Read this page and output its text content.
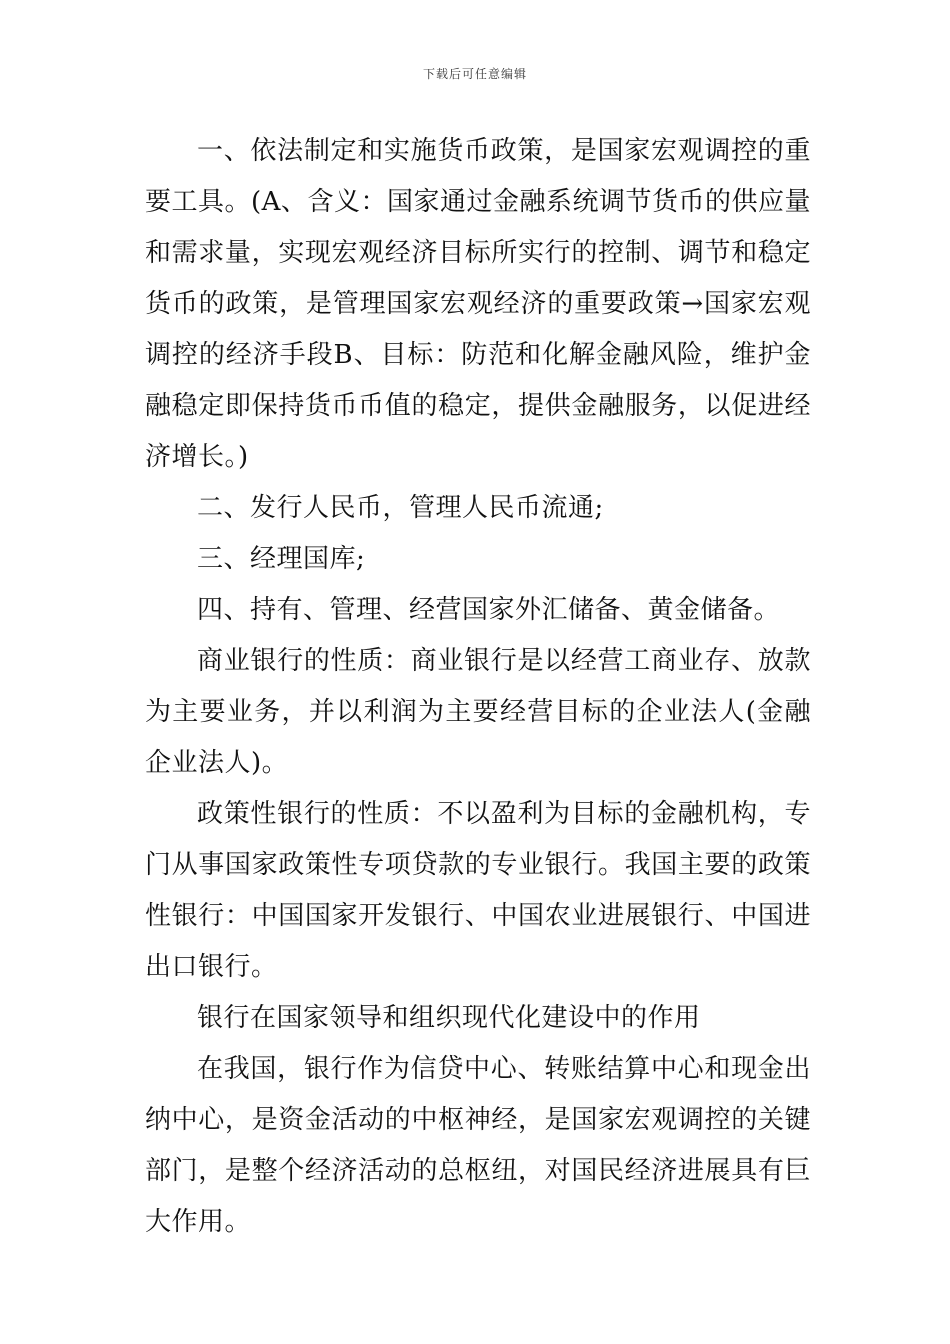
下载后可任意编辑

一、依法制定和实施货币政策，是国家宏观调控的重要工具。(A、含义：国家通过金融系统调节货币的供应量和需求量，实现宏观经济目标所实行的控制、调节和稳定货币的政策，是管理国家宏观经济的重要政策→国家宏观调控的经济手段B、目标：防范和化解金融风险，维护金融稳定即保持货币币值的稳定，提供金融服务，以促进经济增长。)

二、发行人民币，管理人民币流通;

三、经理国库;

四、持有、管理、经营国家外汇储备、黄金储备。

商业银行的性质：商业银行是以经营工商业存、放款为主要业务，并以利润为主要经营目标的企业法人(金融企业法人)。

政策性银行的性质：不以盈利为目标的金融机构，专门从事国家政策性专项贷款的专业银行。我国主要的政策性银行：中国国家开发银行、中国农业进展银行、中国进出口银行。

银行在国家领导和组织现代化建设中的作用

在我国，银行作为信贷中心、转账结算中心和现金出纳中心，是资金活动的中枢神经，是国家宏观调控的关键部门，是整个经济活动的总枢纽，对国民经济进展具有巨大作用。
